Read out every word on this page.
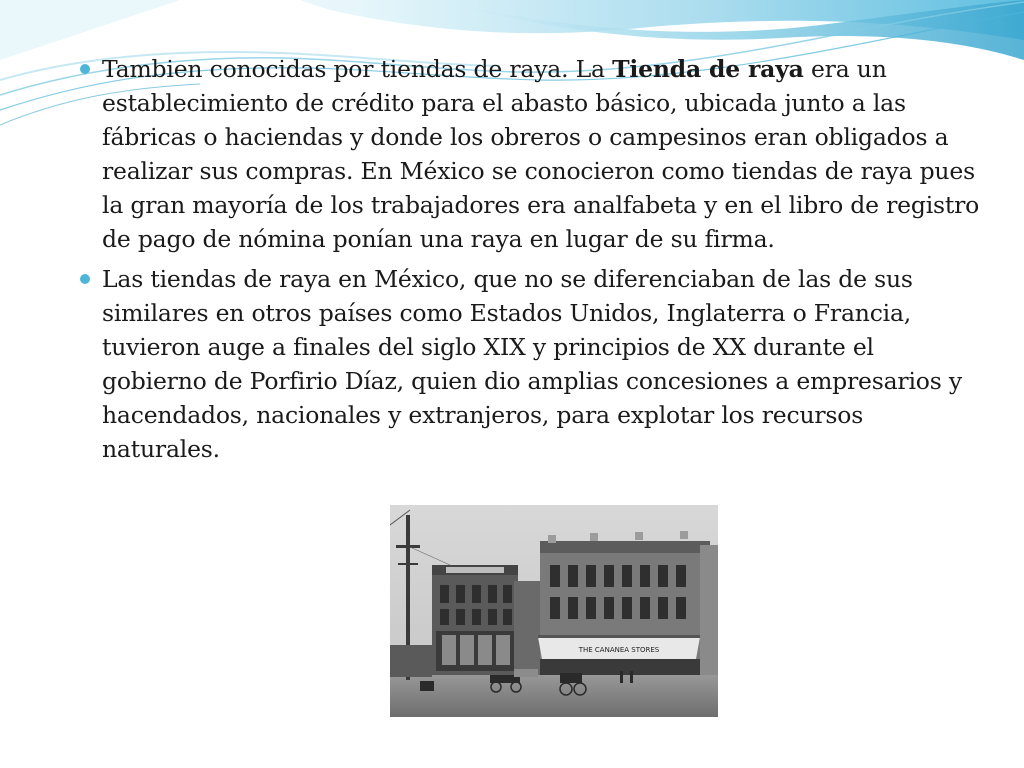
Tambien conocidas por tiendas de raya. La Tienda de raya era un establecimiento de crédito para el abasto básico, ubicada junto a las fábricas o haciendas y donde los obreros o campesinos eran obligados a realizar sus compras. En México se conocieron como tiendas de raya pues la gran mayoría de los trabajadores era analfabeta y en el libro de registro de pago de nómina ponían una raya en lugar de su firma.

Las tiendas de raya en México, que no se diferenciaban de las de sus similares en otros países como Estados Unidos, Inglaterra o Francia, tuvieron auge a finales del siglo XIX y principios de XX durante el gobierno de Porfirio Díaz, quien dio amplias concesiones a empresarios y hacendados, nacionales y extranjeros, para explotar los recursos naturales.

THE CANANEA STORES
